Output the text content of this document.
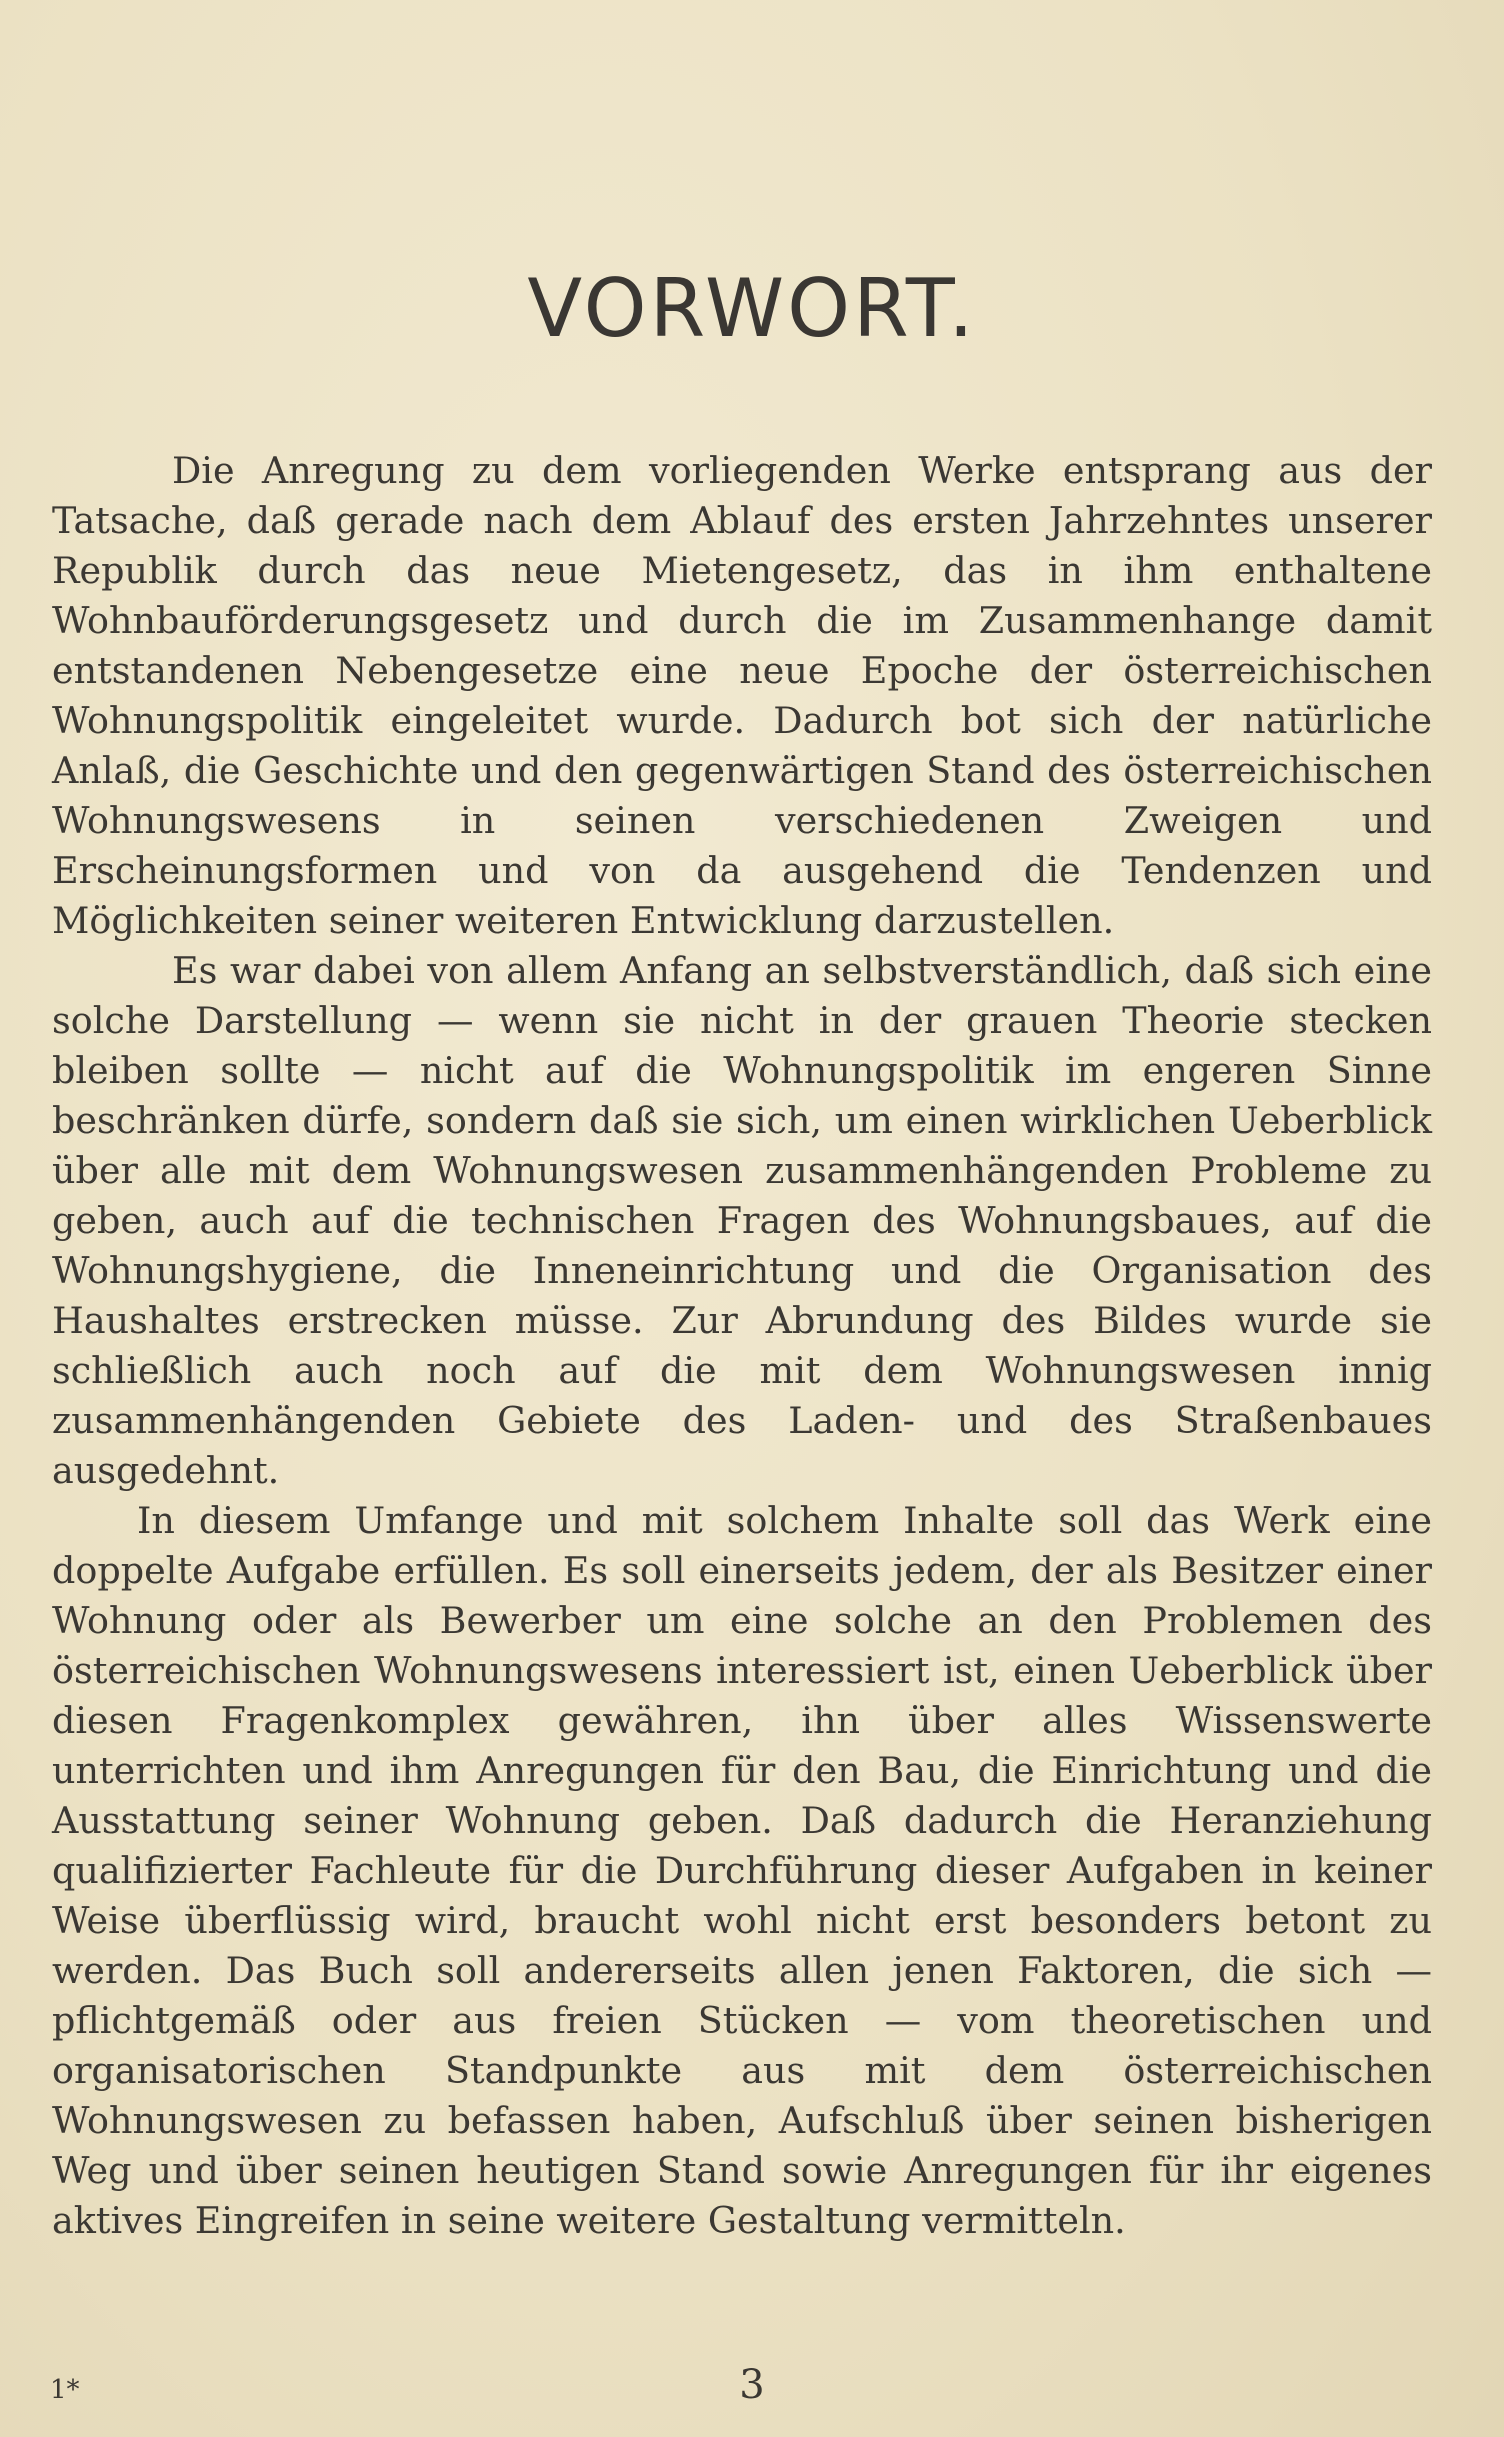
VORWORT.

Die Anregung zu dem vorliegenden Werke entsprang aus der Tatsache, daß gerade nach dem Ablauf des ersten Jahrzehntes unserer Republik durch das neue Mietengesetz, das in ihm enthaltene Wohnbauförderungsgesetz und durch die im Zusammenhange damit entstandenen Nebengesetze eine neue Epoche der österreichischen Wohnungspolitik eingeleitet wurde. Dadurch bot sich der natürliche Anlaß, die Geschichte und den gegenwärtigen Stand des österreichischen Wohnungswesens in seinen verschiedenen Zweigen und Erscheinungsformen und von da ausgehend die Tendenzen und Möglichkeiten seiner weiteren Entwicklung darzustellen.

Es war dabei von allem Anfang an selbstverständlich, daß sich eine solche Darstellung — wenn sie nicht in der grauen Theorie stecken bleiben sollte — nicht auf die Wohnungspolitik im engeren Sinne beschränken dürfe, sondern daß sie sich, um einen wirklichen Ueberblick über alle mit dem Wohnungswesen zusammenhängenden Probleme zu geben, auch auf die technischen Fragen des Wohnungsbaues, auf die Wohnungshygiene, die Inneneinrichtung und die Organisation des Haushaltes erstrecken müsse. Zur Abrundung des Bildes wurde sie schließlich auch noch auf die mit dem Wohnungswesen innig zusammenhängenden Gebiete des Laden- und des Straßenbaues ausgedehnt.

In diesem Umfange und mit solchem Inhalte soll das Werk eine doppelte Aufgabe erfüllen. Es soll einerseits jedem, der als Besitzer einer Wohnung oder als Bewerber um eine solche an den Problemen des österreichischen Wohnungswesens interessiert ist, einen Ueberblick über diesen Fragenkomplex gewähren, ihn über alles Wissenswerte unterrichten und ihm Anregungen für den Bau, die Einrichtung und die Ausstattung seiner Wohnung geben. Daß dadurch die Heranziehung qualifizierter Fachleute für die Durchführung dieser Aufgaben in keiner Weise überflüssig wird, braucht wohl nicht erst besonders betont zu werden. Das Buch soll andererseits allen jenen Faktoren, die sich — pflichtgemäß oder aus freien Stücken — vom theoretischen und organisatorischen Standpunkte aus mit dem österreichischen Wohnungswesen zu befassen haben, Aufschluß über seinen bisherigen Weg und über seinen heutigen Stand sowie Anregungen für ihr eigenes aktives Eingreifen in seine weitere Gestaltung vermitteln.

1*	3
